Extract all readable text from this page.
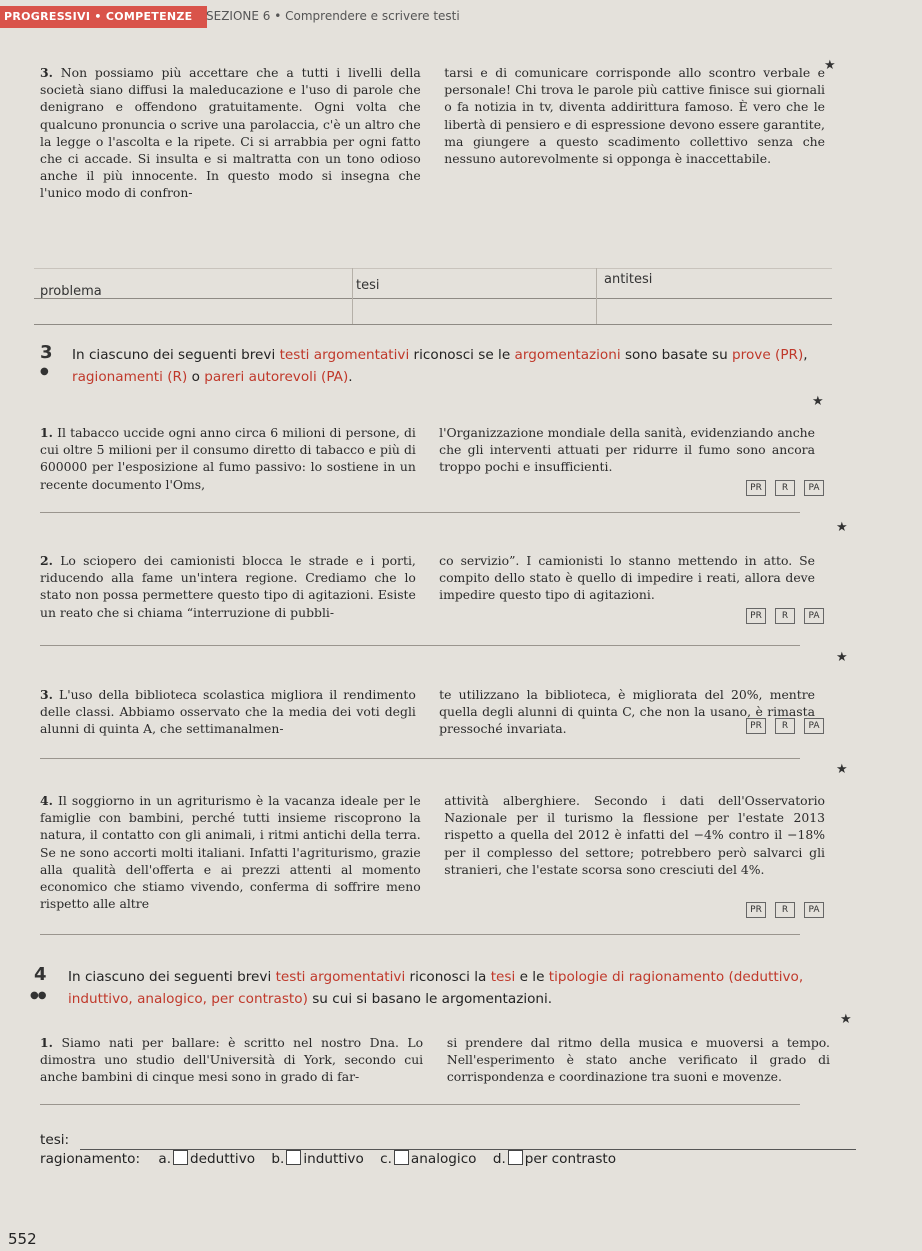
PROGRESSIVI • COMPETENZE	SEZIONE 6 • Comprendere e scrivere testi
3. Non possiamo più accettare che a tutti i livelli della società siano diffusi la maleducazione e l'uso di parole che denigrano e offendono gratuitamente. Ogni volta che qualcuno pronuncia o scrive una parolaccia, c'è un altro che la legge o l'ascolta e la ripete. Ci si arrabbia per ogni fatto che ci accade. Si insulta e si maltratta con un tono odioso anche il più innocente. In questo modo si insegna che l'unico modo di confron-
tarsi e di comunicare corrisponde allo scontro verbale e personale! Chi trova le parole più cattive finisce sui giornali o fa notizia in tv, diventa addirittura famoso. È vero che le libertà di pensiero e di espressione devono essere garantite, ma giungere a questo scadimento collettivo senza che nessuno autorevolmente si opponga è inaccettabile.
★
problema	tesi	antitesi
3
●
In ciascuno dei seguenti brevi testi argomentativi riconosci se le argomentazioni sono basate su prove (PR), ragionamenti (R) o pareri autorevoli (PA).
★
1. Il tabacco uccide ogni anno circa 6 milioni di persone, di cui oltre 5 milioni per il consumo diretto di tabacco e più di 600000 per l'esposizione al fumo passivo: lo sostiene in un recente documento l'Oms,
l'Organizzazione mondiale della sanità, evidenziando anche che gli interventi attuati per ridurre il fumo sono ancora troppo pochi e insufficienti.
PR	R	PA
★
2. Lo sciopero dei camionisti blocca le strade e i porti, riducendo alla fame un'intera regione. Crediamo che lo stato non possa permettere questo tipo di agitazioni. Esiste un reato che si chiama “interruzione di pubbli-
co servizio”. I camionisti lo stanno mettendo in atto. Se compito dello stato è quello di impedire i reati, allora deve impedire questo tipo di agitazioni.
PR	R	PA
★
3. L'uso della biblioteca scolastica migliora il rendimento delle classi. Abbiamo osservato che la media dei voti degli alunni di quinta A, che settimanalmen-
te utilizzano la biblioteca, è migliorata del 20%, mentre quella degli alunni di quinta C, che non la usano, è rimasta pressoché invariata.	PR	R	PA
★
4. Il soggiorno in un agriturismo è la vacanza ideale per le famiglie con bambini, perché tutti insieme riscoprono la natura, il contatto con gli animali, i ritmi antichi della terra. Se ne sono accorti molti italiani. Infatti l'agriturismo, grazie alla qualità dell'offerta e ai prezzi attenti al momento economico che stiamo vivendo, conferma di soffrire meno rispetto alle altre
attività alberghiere. Secondo i dati dell'Osservatorio Nazionale per il turismo la flessione per l'estate 2013 rispetto a quella del 2012 è infatti del −4% contro il −18% per il complesso del settore; potrebbero però salvarci gli stranieri, che l'estate scorsa sono cresciuti del 4%.
PR	R	PA
4
●●
In ciascuno dei seguenti brevi testi argomentativi riconosci la tesi e le tipologie di ragionamento (deduttivo, induttivo, analogico, per contrasto) su cui si basano le argomentazioni.
★
1. Siamo nati per ballare: è scritto nel nostro Dna. Lo dimostra uno studio dell'Università di York, secondo cui anche bambini di cinque mesi sono in grado di far-
si prendere dal ritmo della musica e muoversi a tempo. Nell'esperimento è stato anche verificato il grado di corrispondenza e coordinazione tra suoni e movenze.
tesi:
ragionamento: a. deduttivo b. induttivo c. analogico d. per contrasto
552
